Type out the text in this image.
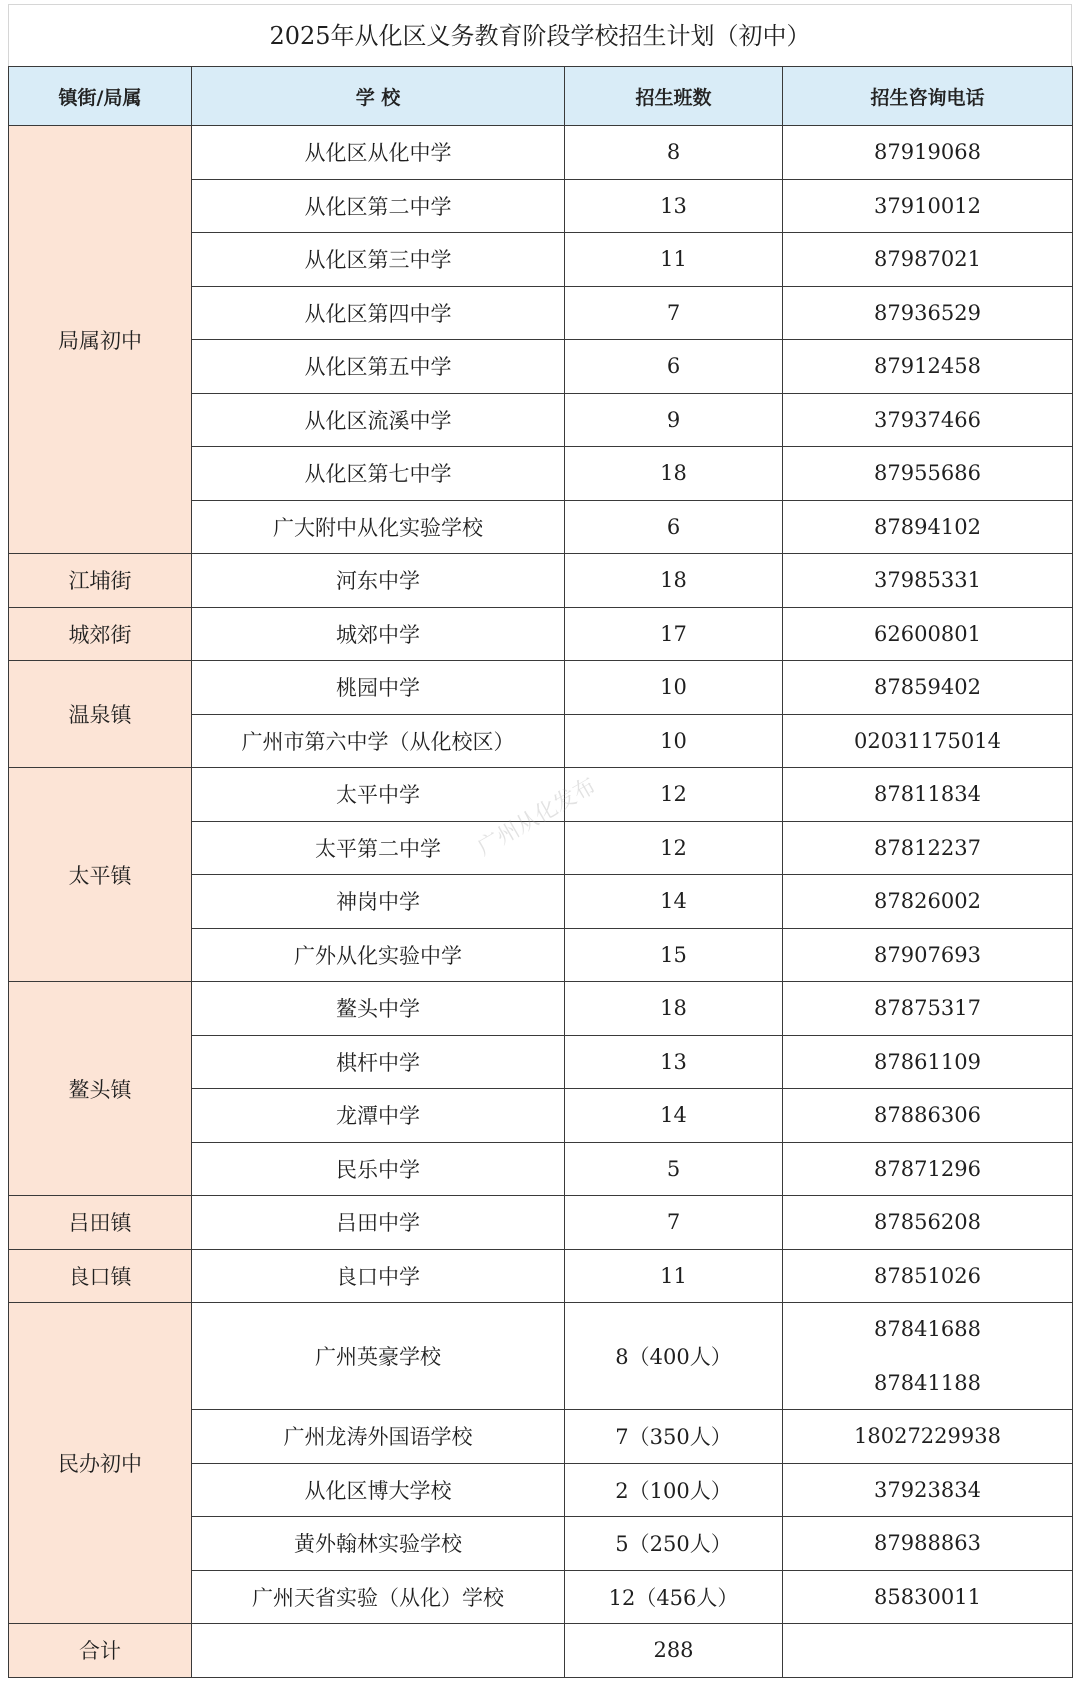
2025年从化区义务教育阶段学校招生计划（初中）
镇街/局属	学 校	招生班数	招生咨询电话
局属初中	从化区从化中学	8	87919068
	从化区第二中学	13	37910012
	从化区第三中学	11	87987021
	从化区第四中学	7	87936529
	从化区第五中学	6	87912458
	从化区流溪中学	9	37937466
	从化区第七中学	18	87955686
	广大附中从化实验学校	6	87894102
江埔街	河东中学	18	37985331
城郊街	城郊中学	17	62600801
温泉镇	桃园中学	10	87859402
	广州市第六中学（从化校区）	10	02031175014
太平镇	太平中学	12	87811834
	太平第二中学	12	87812237
	神岗中学	14	87826002
	广外从化实验中学	15	87907693
鳌头镇	鳌头中学	18	87875317
	棋杆中学	13	87861109
	龙潭中学	14	87886306
	民乐中学	5	87871296
吕田镇	吕田中学	7	87856208
良口镇	良口中学	11	87851026
民办初中	广州英豪学校	8（400人）	87841688
			87841188
	广州龙涛外国语学校	7（350人）	18027229938
	从化区博大学校	2（100人）	37923834
	黄外翰林实验学校	5（250人）	87988863
	广州天省实验（从化）学校	12（456人）	85830011
合计		288	
广州从化发布
